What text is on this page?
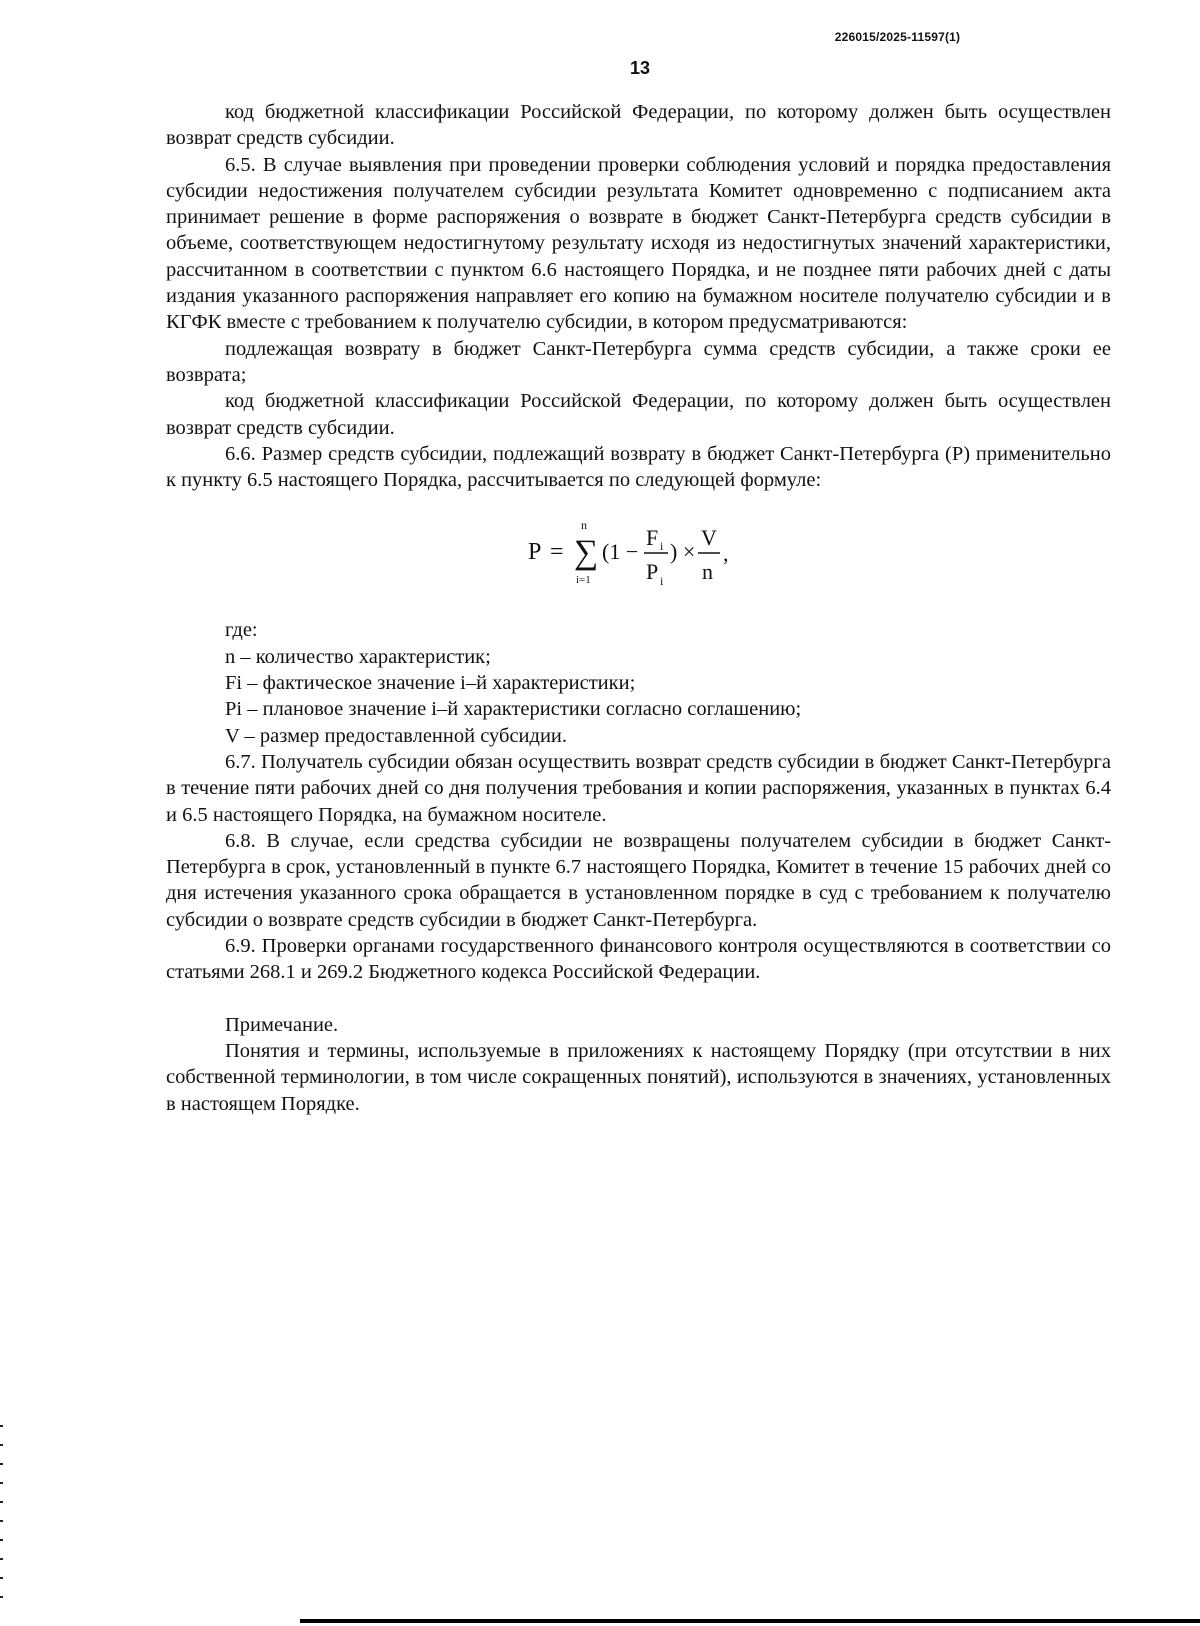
226015/2025-11597(1)
13

код бюджетной классификации Российской Федерации, по которому должен быть осуществлен возврат средств субсидии.

6.5. В случае выявления при проведении проверки соблюдения условий и порядка предоставления субсидии недостижения получателем субсидии результата Комитет одновременно с подписанием акта принимает решение в форме распоряжения о возврате в бюджет Санкт-Петербурга средств субсидии в объеме, соответствующем недостигнутому результату исходя из недостигнутых значений характеристики, рассчитанном в соответствии с пунктом 6.6 настоящего Порядка, и не позднее пяти рабочих дней с даты издания указанного распоряжения направляет его копию на бумажном носителе получателю субсидии и в КГФК вместе с требованием к получателю субсидии, в котором предусматриваются:

подлежащая возврату в бюджет Санкт-Петербурга сумма средств субсидии, а также сроки ее возврата;

код бюджетной классификации Российской Федерации, по которому должен быть осуществлен возврат средств субсидии.

6.6. Размер средств субсидии, подлежащий возврату в бюджет Санкт-Петербурга (P) применительно к пункту 6.5 настоящего Порядка, рассчитывается по следующей формуле:

P = ∑
n
i=1
(1 −
F i
P i
) ×
V
n
,

где:

n – количество характеристик;

Fi – фактическое значение i–й характеристики;

Pi – плановое значение i–й характеристики согласно соглашению;

V – размер предоставленной субсидии.

6.7. Получатель субсидии обязан осуществить возврат средств субсидии в бюджет Санкт-Петербурга в течение пяти рабочих дней со дня получения требования и копии распоряжения, указанных в пунктах 6.4 и 6.5 настоящего Порядка, на бумажном носителе.

6.8. В случае, если средства субсидии не возвращены получателем субсидии в бюджет Санкт-Петербурга в срок, установленный в пункте 6.7 настоящего Порядка, Комитет в течение 15 рабочих дней со дня истечения указанного срока обращается в установленном порядке в суд с требованием к получателю субсидии о возврате средств субсидии в бюджет Санкт-Петербурга.

6.9. Проверки органами государственного финансового контроля осуществляются в соответствии со статьями 268.1 и 269.2 Бюджетного кодекса Российской Федерации.

Примечание.

Понятия и термины, используемые в приложениях к настоящему Порядку (при отсутствии в них собственной терминологии, в том числе сокращенных понятий), используются в значениях, установленных в настоящем Порядке.
